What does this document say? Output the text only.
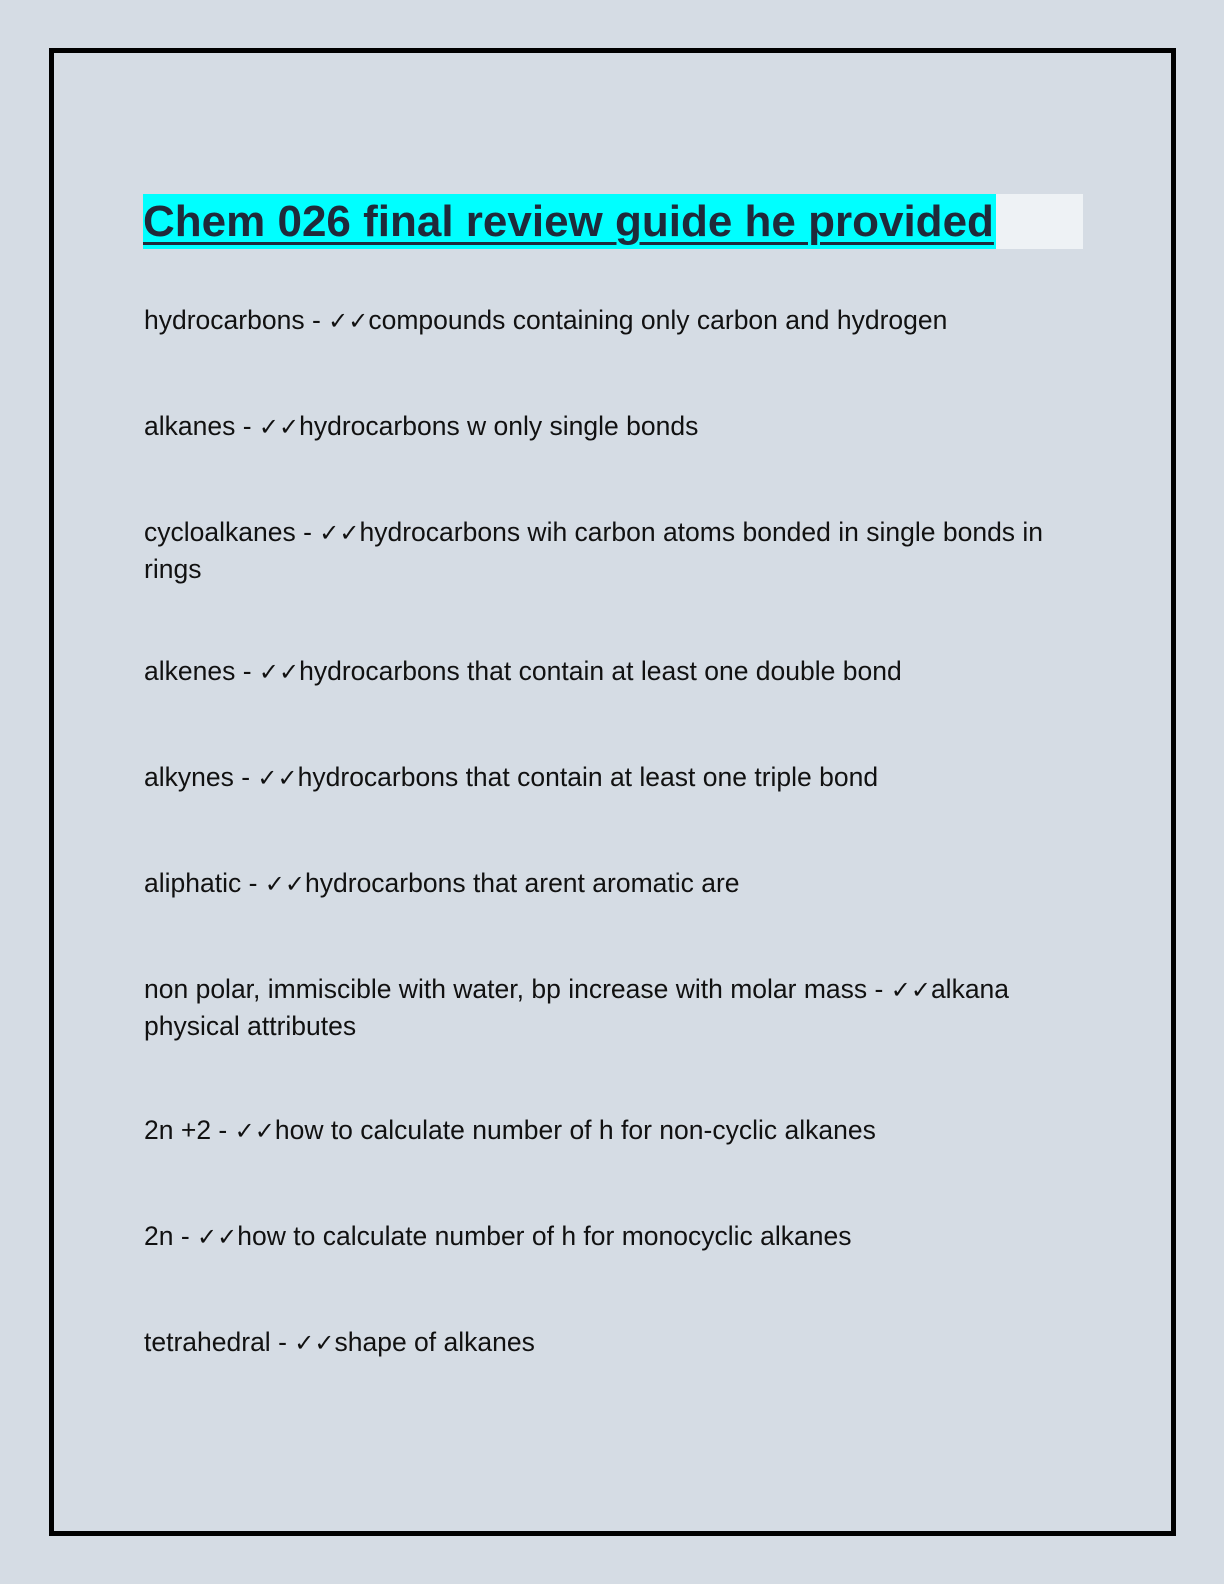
Chem 026 final review guide he provided
hydrocarbons - ✓✓compounds containing only carbon and hydrogen
alkanes - ✓✓hydrocarbons w only single bonds
cycloalkanes - ✓✓hydrocarbons wih carbon atoms bonded in single bonds in rings
alkenes - ✓✓hydrocarbons that contain at least one double bond
alkynes - ✓✓hydrocarbons that contain at least one triple bond
aliphatic - ✓✓hydrocarbons that arent aromatic are
non polar, immiscible with water, bp increase with molar mass - ✓✓alkana physical attributes
2n +2 - ✓✓how to calculate number of h for non-cyclic alkanes
2n - ✓✓how to calculate number of h for monocyclic alkanes
tetrahedral - ✓✓shape of alkanes
